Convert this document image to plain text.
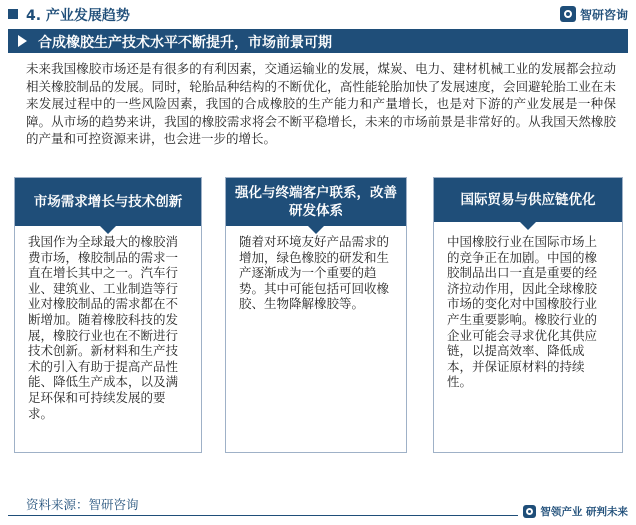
4. 产业发展趋势	智研咨询
合成橡胶生产技术水平不断提升，市场前景可期
未来我国橡胶市场还是有很多的有利因素，交通运输业的发展，煤炭、电力、建材机械工业的发展都会拉动相关橡胶制品的发展。同时，轮胎品种结构的不断优化，高性能轮胎加快了发展速度，会回避轮胎工业在未来发展过程中的一些风险因素，我国的合成橡胶的生产能力和产量增长，也是对下游的产业发展是一种保障。从市场的趋势来讲，我国的橡胶需求将会不断平稳增长，未来的市场前景是非常好的。从我国天然橡胶的产量和可控资源来讲，也会进一步的增长。
市场需求增长与技术创新
我国作为全球最大的橡胶消费市场，橡胶制品的需求一直在增长其中之一。汽车行业、建筑业、工业制造等行业对橡胶制品的需求都在不断增加。随着橡胶科技的发展，橡胶行业也在不断进行技术创新。新材料和生产技术的引入有助于提高产品性能、降低生产成本，以及满足环保和可持续发展的要求。
强化与终端客户联系，改善研发体系
随着对环境友好产品需求的增加，绿色橡胶的研发和生产逐渐成为一个重要的趋势。其中可能包括可回收橡胶、生物降解橡胶等。
国际贸易与供应链优化
中国橡胶行业在国际市场上的竞争正在加剧。中国的橡胶制品出口一直是重要的经济拉动作用，因此全球橡胶市场的变化对中国橡胶行业产生重要影响。橡胶行业的企业可能会寻求优化其供应链，以提高效率、降低成本，并保证原材料的持续性。
资料来源：智研咨询	智领产业 研判未来
